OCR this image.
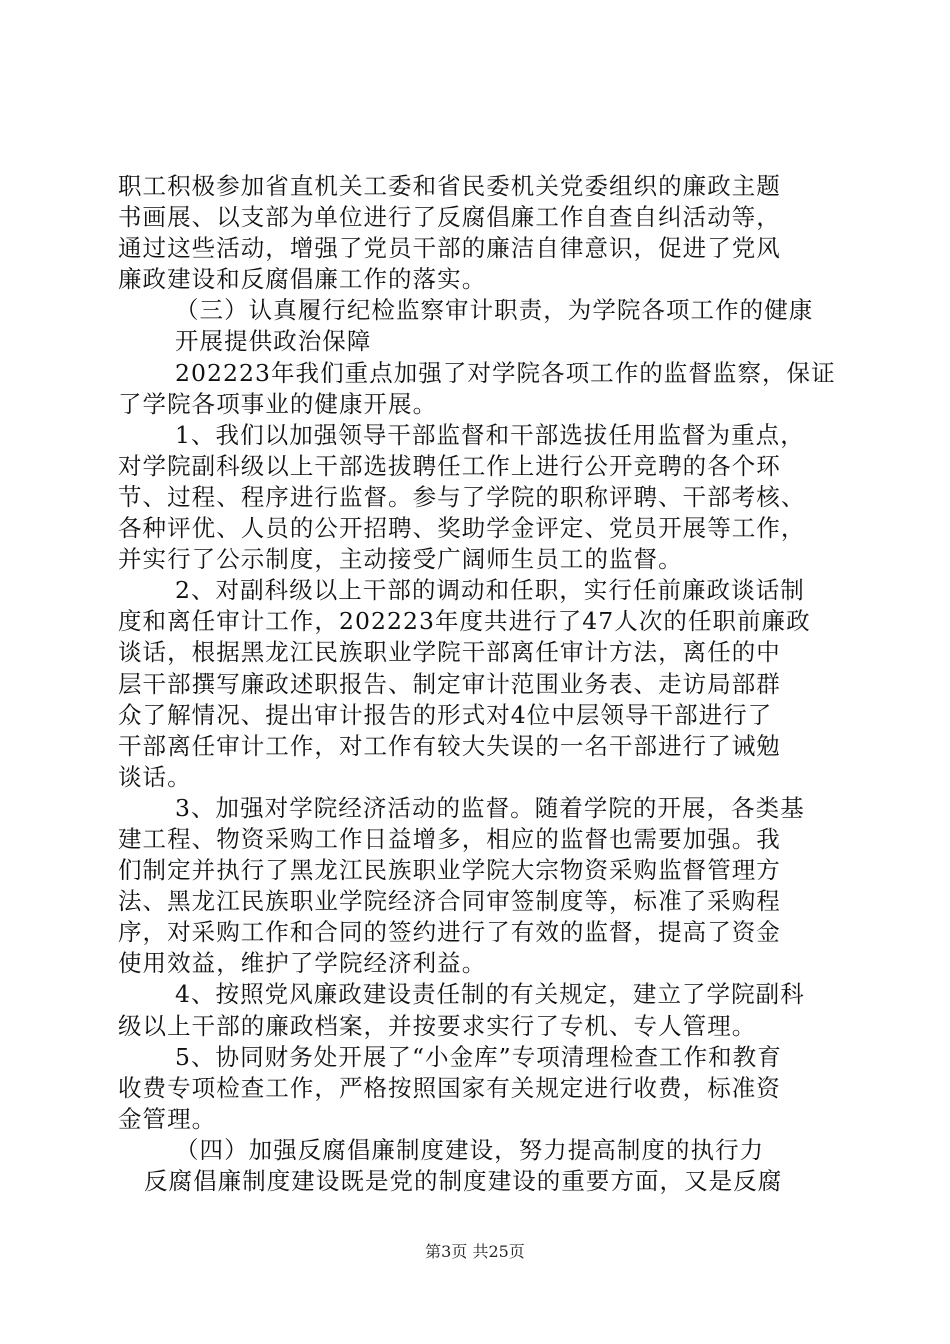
职工积极参加省直机关工委和省民委机关党委组织的廉政主题
书画展、以支部为单位进行了反腐倡廉工作自查自纠活动等，
通过这些活动，增强了党员干部的廉洁自律意识，促进了党风
廉政建设和反腐倡廉工作的落实。
（三）认真履行纪检监察审计职责，为学院各项工作的健康
开展提供政治保障
202223年我们重点加强了对学院各项工作的监督监察，保证
了学院各项事业的健康开展。
1、我们以加强领导干部监督和干部选拔任用监督为重点，
对学院副科级以上干部选拔聘任工作上进行公开竞聘的各个环
节、过程、程序进行监督。参与了学院的职称评聘、干部考核、
各种评优、人员的公开招聘、奖助学金评定、党员开展等工作，
并实行了公示制度，主动接受广阔师生员工的监督。
2、对副科级以上干部的调动和任职，实行任前廉政谈话制
度和离任审计工作，202223年度共进行了47人次的任职前廉政
谈话，根据黑龙江民族职业学院干部离任审计方法，离任的中
层干部撰写廉政述职报告、制定审计范围业务表、走访局部群
众了解情况、提出审计报告的形式对4位中层领导干部进行了
干部离任审计工作，对工作有较大失误的一名干部进行了诫勉
谈话。
3、加强对学院经济活动的监督。随着学院的开展，各类基
建工程、物资采购工作日益增多，相应的监督也需要加强。我
们制定并执行了黑龙江民族职业学院大宗物资采购监督管理方
法、黑龙江民族职业学院经济合同审签制度等，标准了采购程
序，对采购工作和合同的签约进行了有效的监督，提高了资金
使用效益，维护了学院经济利益。
4、按照党风廉政建设责任制的有关规定，建立了学院副科
级以上干部的廉政档案，并按要求实行了专机、专人管理。
5、协同财务处开展了“小金库”专项清理检查工作和教育
收费专项检查工作，严格按照国家有关规定进行收费，标准资
金管理。
（四）加强反腐倡廉制度建设，努力提高制度的执行力
反腐倡廉制度建设既是党的制度建设的重要方面，又是反腐
第3页 共25页
